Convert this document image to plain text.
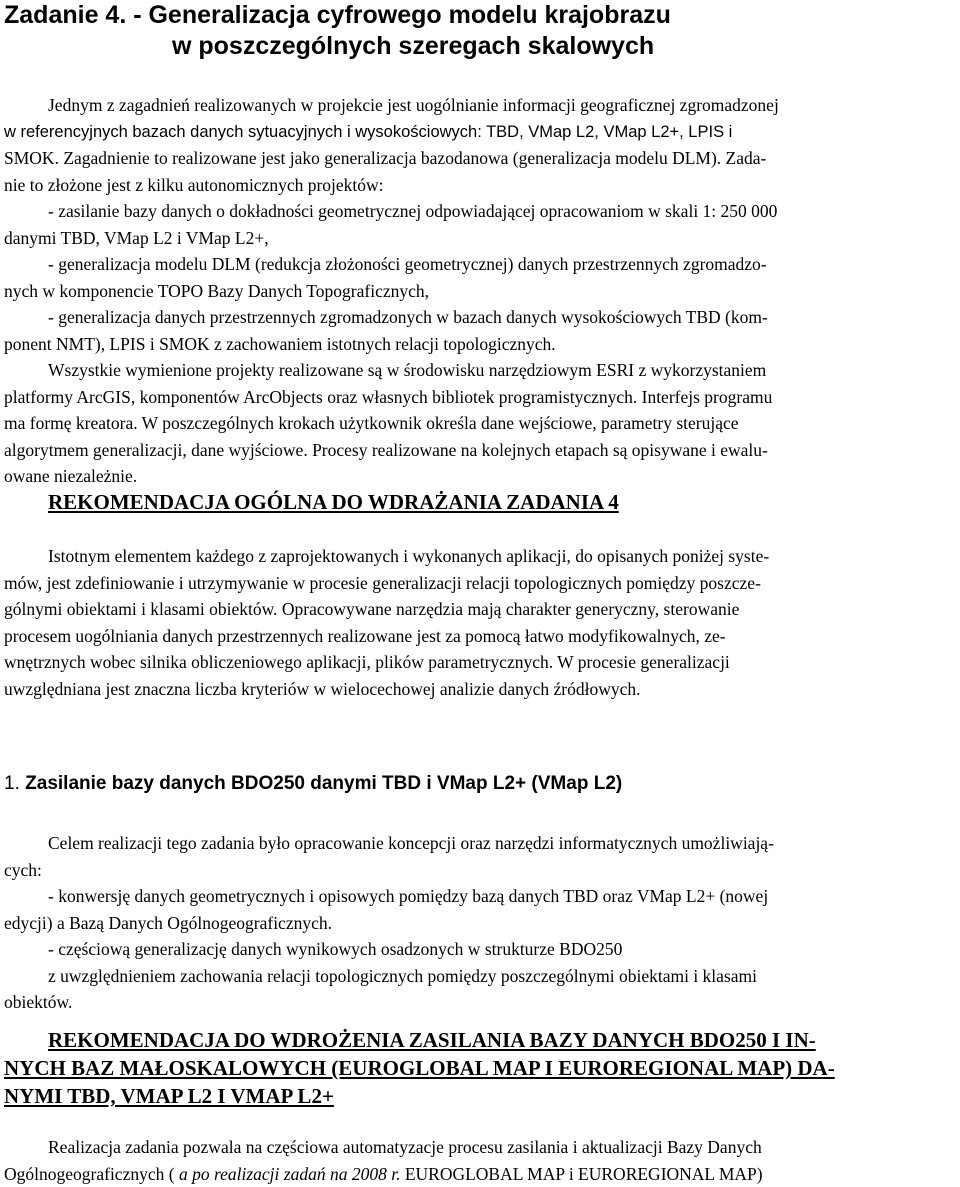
Zadanie 4. - Generalizacja cyfrowego modelu krajobrazu
w poszczególnych szeregach skalowych
Jednym z zagadnień realizowanych w projekcie jest uogólnianie informacji geograficznej zgromadzonej
w referencyjnych bazach danych sytuacyjnych i wysokościowych: TBD, VMap L2, VMap L2+, LPIS i
SMOK. Zagadnienie to realizowane jest jako generalizacja bazodanowa (generalizacja modelu DLM). Zada-
nie to złożone jest z kilku autonomicznych projektów:
- zasilanie bazy danych o dokładności geometrycznej odpowiadającej opracowaniom w skali 1: 250 000
danymi TBD, VMap L2 i VMap L2+,
- generalizacja modelu DLM (redukcja złożoności geometrycznej) danych przestrzennych zgromadzo-
nych w komponencie TOPO Bazy Danych Topograficznych,
- generalizacja danych przestrzennych zgromadzonych w bazach danych wysokościowych TBD (kom-
ponent NMT), LPIS i SMOK z zachowaniem istotnych relacji topologicznych.
Wszystkie wymienione projekty realizowane są w środowisku narzędziowym ESRI z wykorzystaniem
platformy ArcGIS, komponentów ArcObjects oraz własnych bibliotek programistycznych. Interfejs programu
ma formę kreatora. W poszczególnych krokach użytkownik określa dane wejściowe, parametry sterujące
algorytmem generalizacji, dane wyjściowe. Procesy realizowane na kolejnych etapach są opisywane i ewalu-
owane niezależnie.
REKOMENDACJA OGÓLNA DO WDRAŻANIA ZADANIA 4
Istotnym elementem każdego z zaprojektowanych i wykonanych aplikacji, do opisanych poniżej syste-
mów, jest zdefiniowanie i utrzymywanie w procesie generalizacji relacji topologicznych pomiędzy poszcze-
gólnymi obiektami i klasami obiektów. Opracowywane narzędzia mają charakter generyczny, sterowanie
procesem uogólniania danych przestrzennych realizowane jest za pomocą łatwo modyfikowalnych, ze-
wnętrznych wobec silnika obliczeniowego aplikacji, plików parametrycznych. W procesie generalizacji
uwzględniana jest znaczna liczba kryteriów w wielocechowej analizie danych źródłowych.
1. Zasilanie bazy danych BDO250 danymi TBD i VMap L2+ (VMap L2)
Celem realizacji tego zadania było opracowanie koncepcji oraz narzędzi informatycznych umożliwiają-
cych:
- konwersję danych geometrycznych i opisowych pomiędzy bazą danych TBD oraz VMap L2+ (nowej
edycji) a Bazą Danych Ogólnogeograficznych.
- częściową generalizację danych wynikowych osadzonych w strukturze BDO250
z uwzględnieniem zachowania relacji topologicznych pomiędzy poszczególnymi obiektami i klasami
obiektów.
REKOMENDACJA DO WDROŻENIA ZASILANIA BAZY DANYCH BDO250 I IN-
NYCH BAZ MAŁOSKALOWYCH (EUROGLOBAL MAP I EUROREGIONAL MAP) DA-
NYMI TBD, VMAP L2 I VMAP L2+
Realizacja zadania pozwala na częściowa automatyzacje procesu zasilania i aktualizacji Bazy Danych
Ogólnogeograficznych ( a po realizacji zadań na 2008 r. EUROGLOBAL MAP i EUROREGIONAL MAP)
